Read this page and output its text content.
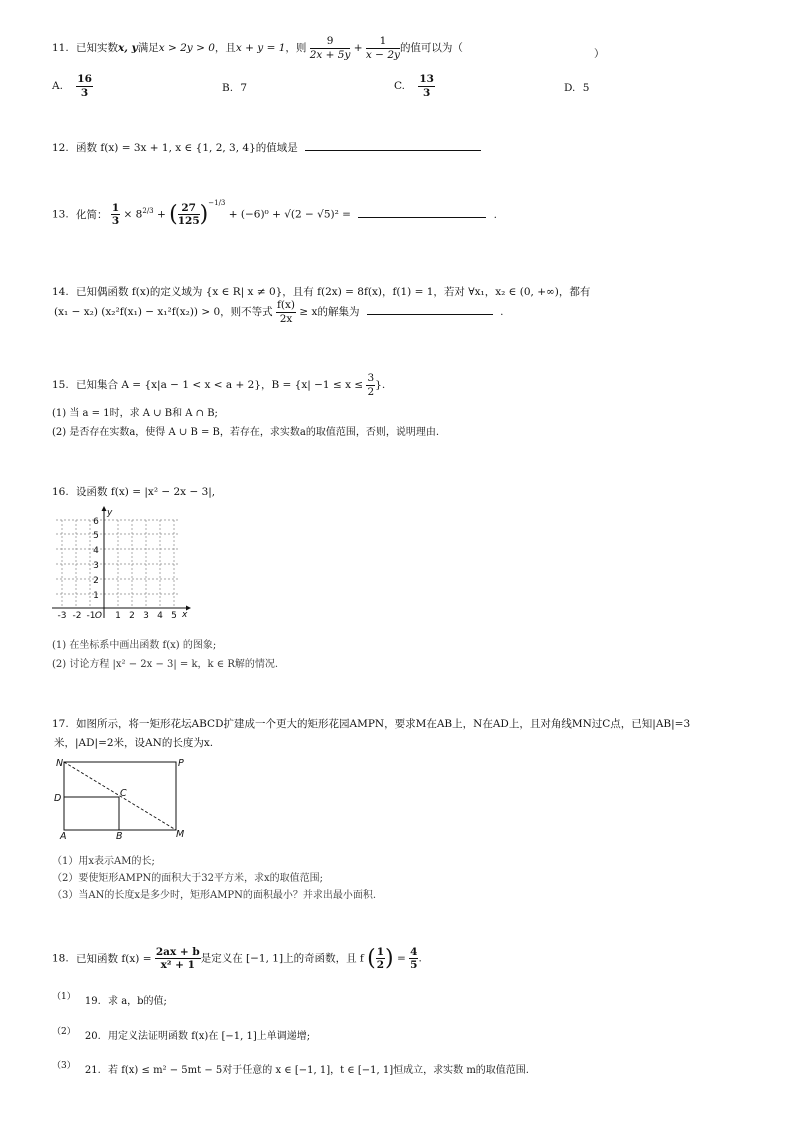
11. 已知实数x, y满足x > 2y > 0，且x + y = 1，则 $\frac{9}{2x + 5y} + \frac{1}{x - 2y}$ 的值可以为（	）
A. $\frac{16}{3}$	B. 7	C. $\frac{13}{3}$	D. 5
12. 函数 f(x) = 3x + 1, x ∈ {1, 2, 3, 4}的值域是
13. 化简： $\frac{1}{3} \times 8^{2/3}$ + ( $\frac{27}{125} )^{-1/3} + (-6)^0 + √(2 - √5)^2$ =	.
14. 已知偶函数 f(x)的定义域为 {x ∈ R| x ≠ 0}，且有 f(2x) = 8f(x)，f(1) = 1，若对 ∀x₁，x₂ ∈ (0, +∞)，都有
(x₁ − x₂) (x₂²f(x₁) − x₁²f(x₂)) > 0，则不等式 $\frac{f(x)}{2x} \ge x$的解集为	.
15. 已知集合 A = {x|a − 1 < x < a + 2}，$B = \{x| -1 \le x \le \frac{3}{2}$ }.
(1) 当 a = 1时，求 A ∪ B和 A ∩ B;
(2) 是否存在实数a，使得 A ∪ B = B，若存在，求实数a的取值范围，否则，说明理由.
16. 设函数 f(x) = |x² − 2x − 3|,
y
x
6
5
4
3
2
1
-3 -2 -1 O 1 2 3 4 5
(1) 在坐标系中画出函数 f(x) 的图象;
(2) 讨论方程 |x² − 2x − 3| = k，k ∈ R解的情况.
17. 如图所示，将一矩形花坛ABCD扩建成一个更大的矩形花园AMPN，要求M在AB上，N在AD上，且对角线MN过C点，已知|AB|=3
米，|AD|=2米，设AN的长度为x.
N	P
D	C
A	B	M
（1）用x表示AM的长;
（2）要使矩形AMPN的面积大于32平方米，求x的取值范围;
（3）当AN的长度x是多少时，矩形AMPN的面积最小？并求出最小面积.
18. 已知函数 $f(x) = \frac{2ax + b}{\text{x² + 1}}$ 是定义在 [−1, 1]上的奇函数，且 f ( $\frac{1}{2}$ ) = $\frac{4}{5}$ .
（1） 19. 求 a，b的值;
（2） 20. 用定义法证明函数 f(x)在 [−1, 1]上单调递增;
（3） 21. 若 f(x) ≤ m² − 5mt − 5对于任意的 x ∈ [−1, 1]，t ∈ [−1, 1]恒成立，求实数 m的取值范围.
